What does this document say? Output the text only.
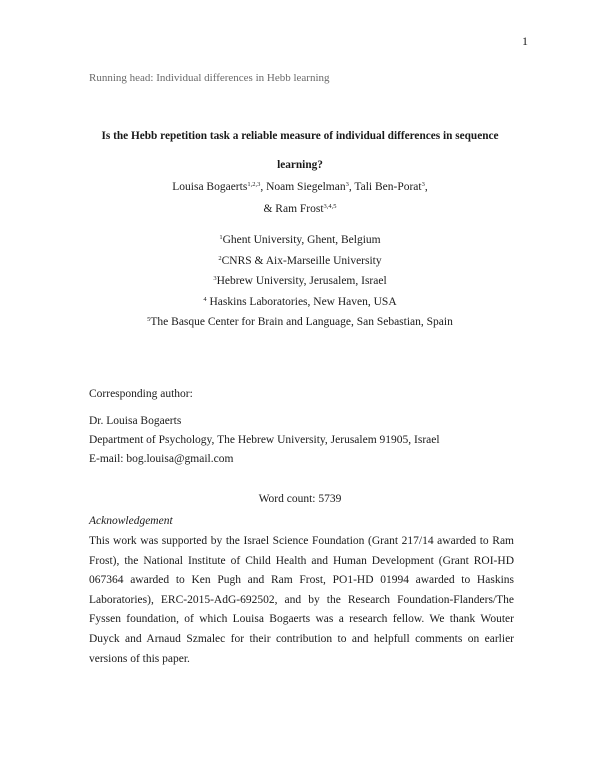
1
Running head: Individual differences in Hebb learning
Is the Hebb repetition task a reliable measure of individual differences in sequence
learning?
Louisa Bogaerts$^{1,2,3}$, Noam Siegelman$^3$, Tali Ben-Porat$^3$,
& Ram Frost$^{3,4,5}$
$^1$Ghent University, Ghent, Belgium
$^2$CNRS & Aix-Marseille University
$^3$Hebrew University, Jerusalem, Israel
$^4$ Haskins Laboratories, New Haven, USA
$^5$The Basque Center for Brain and Language, San Sebastian, Spain
Corresponding author:
Dr. Louisa Bogaerts
Department of Psychology, The Hebrew University, Jerusalem 91905, Israel
E-mail: bog.louisa@gmail.com
Word count: 5739
Acknowledgement
This work was supported by the Israel Science Foundation (Grant 217/14 awarded to Ram
Frost), the National Institute of Child Health and Human Development (Grant ROI-HD
067364 awarded to Ken Pugh and Ram Frost, PO1-HD 01994 awarded to Haskins
Laboratories), ERC-2015-AdG-692502, and by the Research Foundation-Flanders/The
Fyssen foundation, of which Louisa Bogaerts was a research fellow. We thank Wouter
Duyck and Arnaud Szmalec for their contribution to and helpfull comments on earlier
versions of this paper.
